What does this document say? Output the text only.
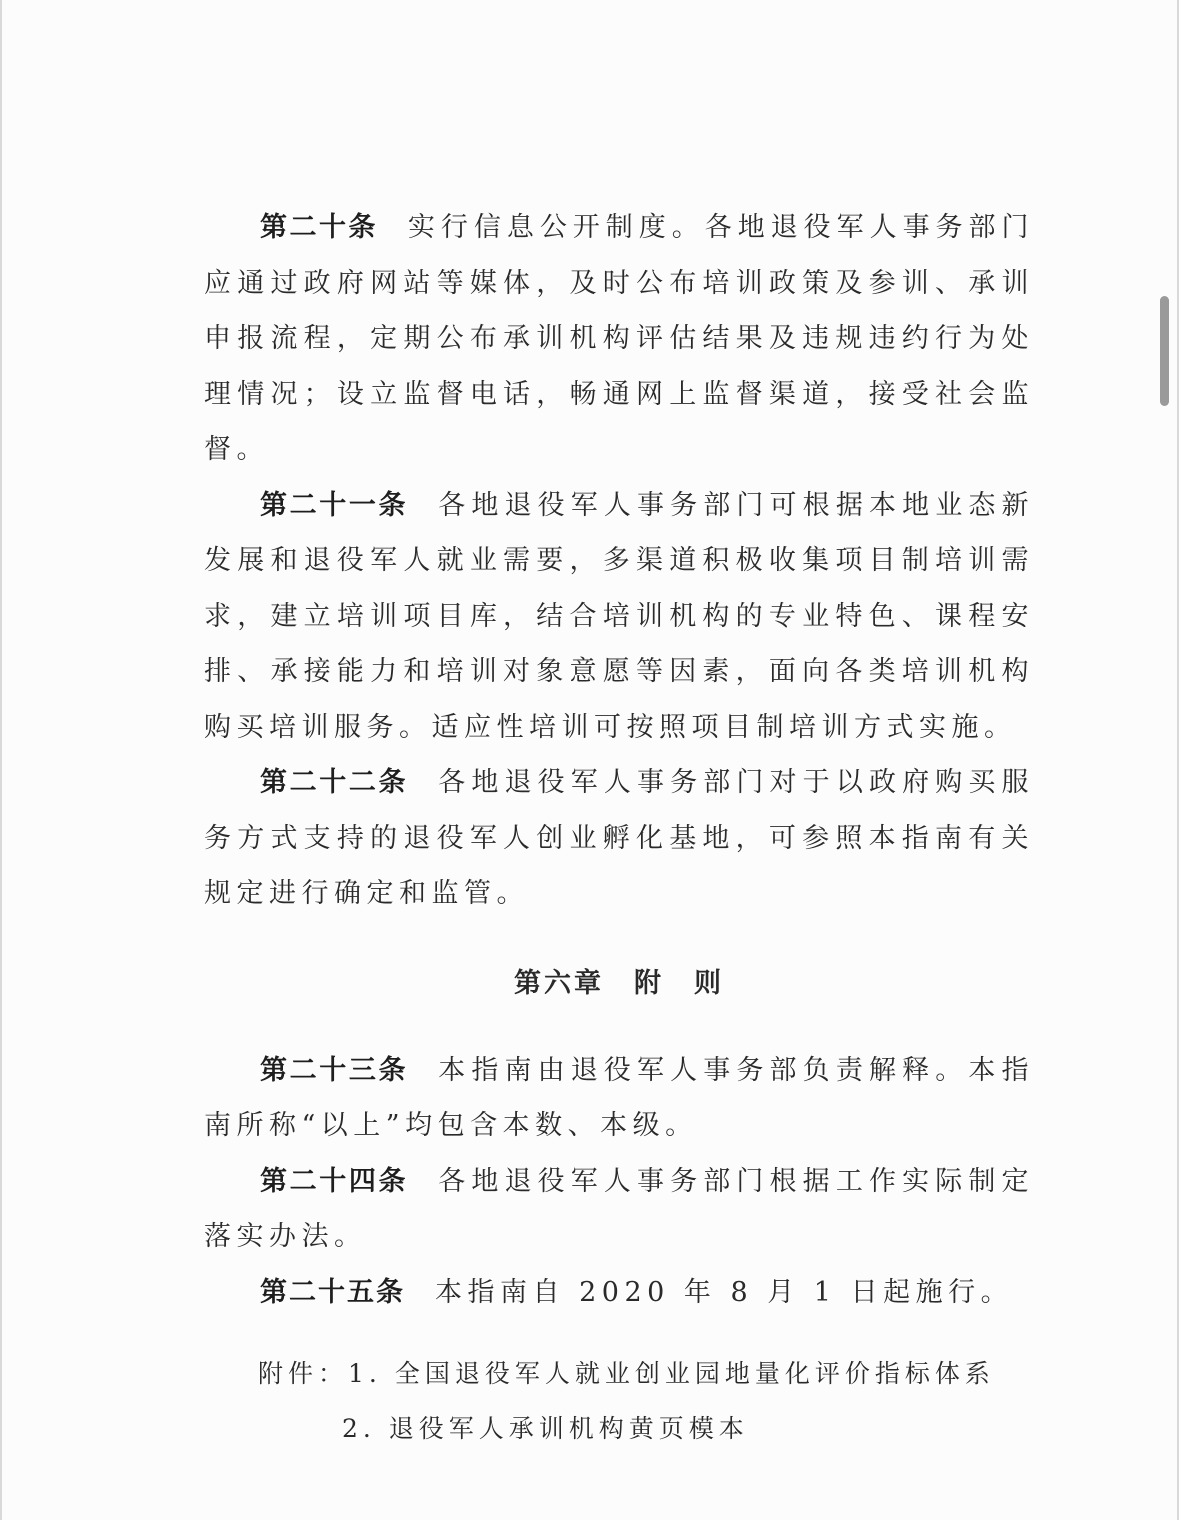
第二十条 实行信息公开制度。各地退役军人事务部门应通过政府网站等媒体，及时公布培训政策及参训、承训申报流程，定期公布承训机构评估结果及违规违约行为处理情况；设立监督电话，畅通网上监督渠道，接受社会监督。

第二十一条 各地退役军人事务部门可根据本地业态新发展和退役军人就业需要，多渠道积极收集项目制培训需求，建立培训项目库，结合培训机构的专业特色、课程安排、承接能力和培训对象意愿等因素，面向各类培训机构购买培训服务。适应性培训可按照项目制培训方式实施。

第二十二条 各地退役军人事务部门对于以政府购买服务方式支持的退役军人创业孵化基地，可参照本指南有关规定进行确定和监管。

第六章　附　则

第二十三条 本指南由退役军人事务部负责解释。本指南所称“以上”均包含本数、本级。

第二十四条 各地退役军人事务部门根据工作实际制定落实办法。

第二十五条 本指南自 2020 年 8 月 1 日起施行。

附件：1. 全国退役军人就业创业园地量化评价指标体系
2. 退役军人承训机构黄页模本
